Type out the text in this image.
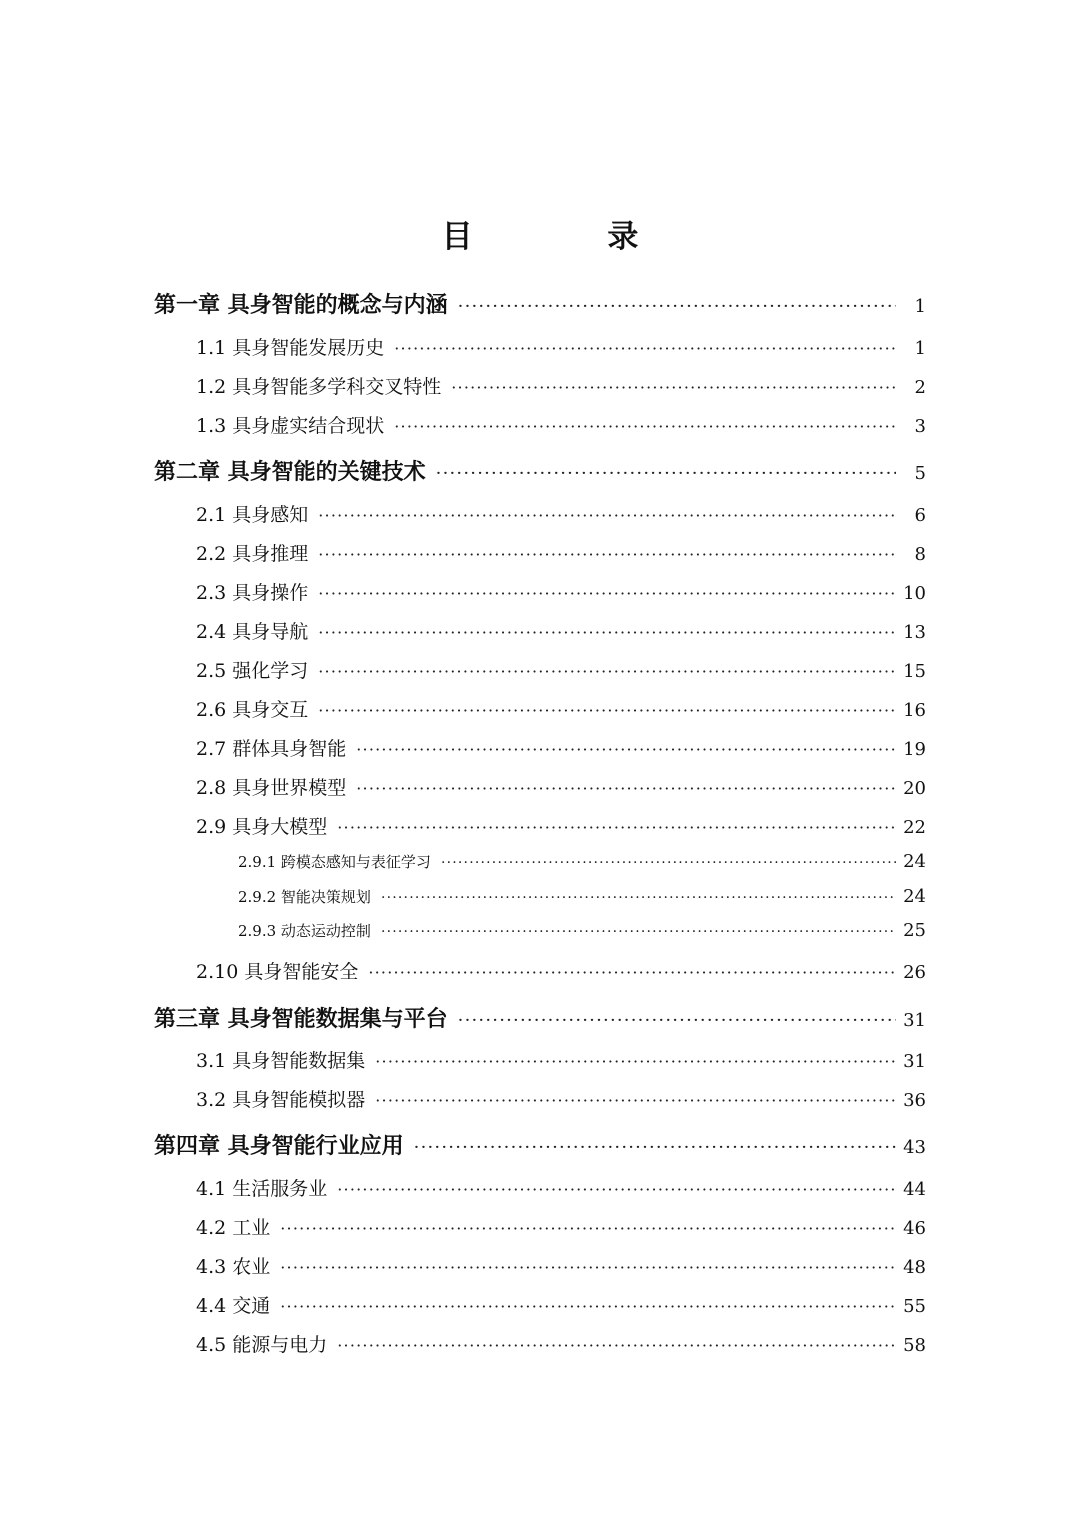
目 录
第一章 具身智能的概念与内涵 ·····	1
1.1 具身智能发展历史 ·····	1
1.2 具身智能多学科交叉特性 ·····	2
1.3 具身虚实结合现状 ·····	3
第二章 具身智能的关键技术 ·····	5
2.1 具身感知 ·····	6
2.2 具身推理 ·····	8
2.3 具身操作 ·····	10
2.4 具身导航 ·····	13
2.5 强化学习 ·····	15
2.6 具身交互 ·····	16
2.7 群体具身智能 ·····	19
2.8 具身世界模型 ·····	20
2.9 具身大模型 ·····	22
2.9.1 跨模态感知与表征学习 ·····	24
2.9.2 智能决策规划 ·····	24
2.9.3 动态运动控制 ·····	25
2.10 具身智能安全 ·····	26
第三章 具身智能数据集与平台 ·····	31
3.1 具身智能数据集 ·····	31
3.2 具身智能模拟器 ·····	36
第四章 具身智能行业应用 ·····	43
4.1 生活服务业 ·····	44
4.2 工业 ·····	46
4.3 农业 ·····	48
4.4 交通 ·····	55
4.5 能源与电力 ·····	58
